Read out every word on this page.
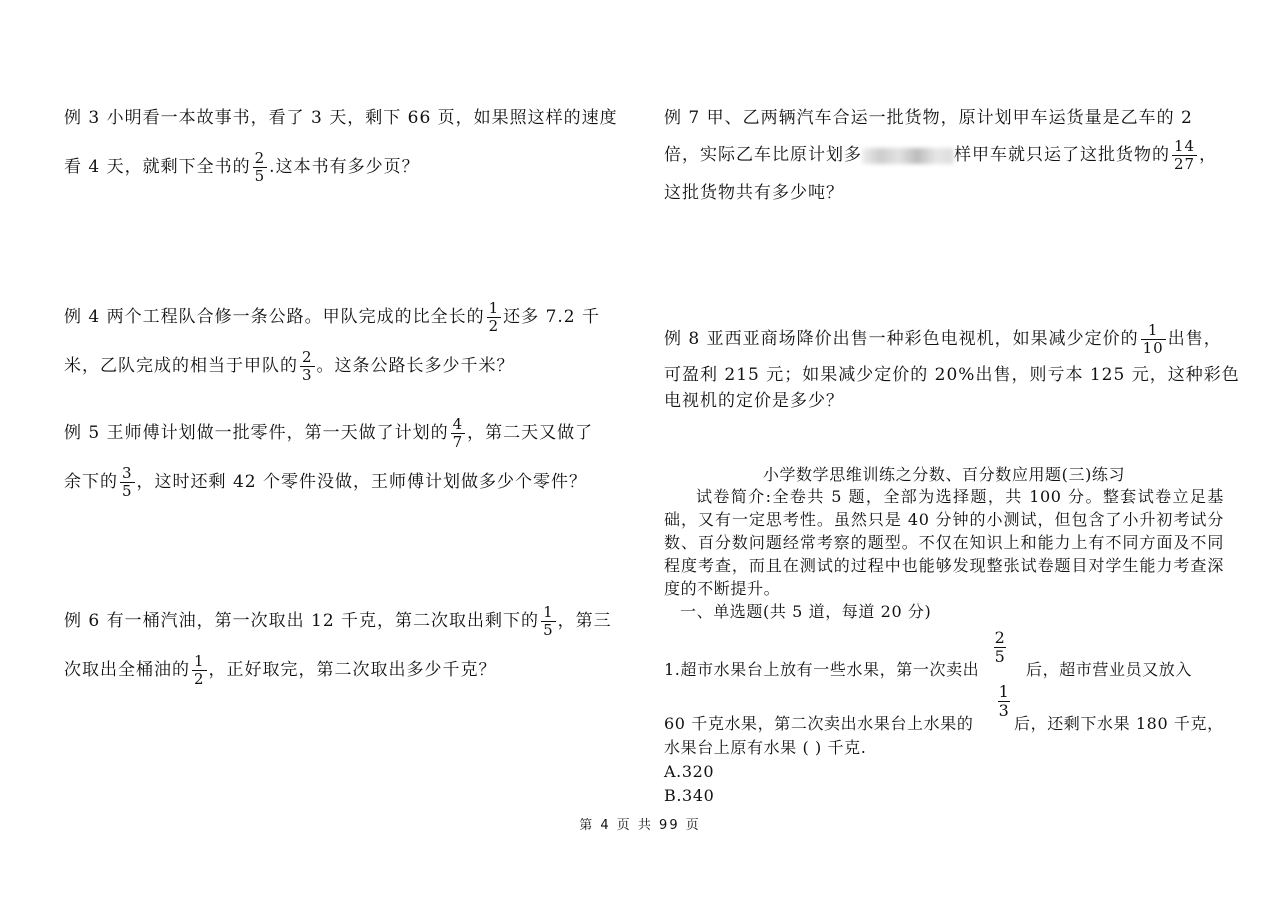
例 3 小明看一本故事书，看了 3 天，剩下 66 页，如果照这样的速度
看 4 天，就剩下全书的 $\frac{2}{5}$ .这本书有多少页？
例 4 两个工程队合修一条公路。甲队完成的比全长的 $\frac{1}{2}$ 还多 7.2 千
米，乙队完成的相当于甲队的 $\frac{2}{3}$ 。这条公路长多少千米？
例 5 王师傅计划做一批零件，第一天做了计划的 $\frac{4}{7}$ ，第二天又做了
余下的 $\frac{3}{5}$ ，这时还剩 42 个零件没做，王师傅计划做多少个零件？
例 6 有一桶汽油，第一次取出 12 千克，第二次取出剩下的 $\frac{1}{5}$ ，第三
次取出全桶油的 $\frac{1}{2}$ ，正好取完，第二次取出多少千克？
例 7 甲、乙两辆汽车合运一批货物，原计划甲车运货量是乙车的 2
倍，实际乙车比原计划多	样甲车就只运了这批货物的 $\frac{14}{27}$ ，
这批货物共有多少吨？
例 8 亚西亚商场降价出售一种彩色电视机，如果减少定价的 $\frac{1}{10}$ 出售，
可盈利 215 元；如果减少定价的 20%出售，则亏本 125 元，这种彩色
电视机的定价是多少？
小学数学思维训练之分数、百分数应用题(三)练习
试卷简介:全卷共 5 题，全部为选择题，共 100 分。整套试卷立足基础，又有一定思考性。虽然只是 40 分钟的小测试，但包含了小升初考试分数、百分数问题经常考察的题型。不仅在知识上和能力上有不同方面及不同程度考查，而且在测试的过程中也能够发现整张试卷题目对学生能力考查深度的不断提升。
一、单选题(共 5 道，每道 20 分)
2
5
1.超市水果台上放有一些水果，第一次卖出	后，超市营业员又放入
1
3
60 千克水果，第二次卖出水果台上水果的	后，还剩下水果 180 千克，
水果台上原有水果 ( ) 千克.
A.320
B.340
第 4 页 共 99 页
